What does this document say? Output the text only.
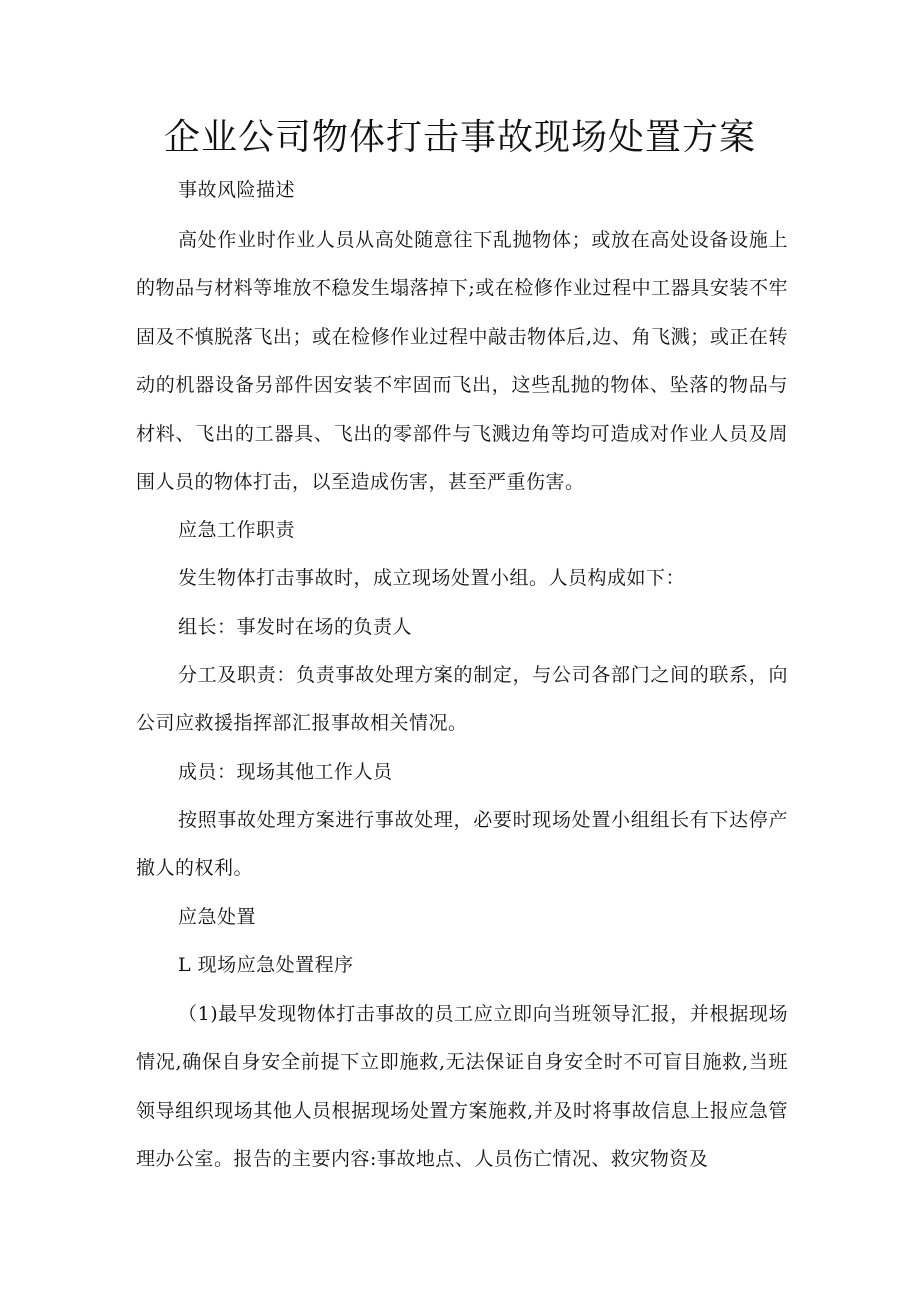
企业公司物体打击事故现场处置方案
事故风险描述

高处作业时作业人员从高处随意往下乱抛物体；或放在高处设备设施上的物品与材料等堆放不稳发生塌落掉下;或在检修作业过程中工器具安装不牢固及不慎脱落飞出；或在检修作业过程中敲击物体后,边、角飞溅；或正在转动的机器设备另部件因安装不牢固而飞出，这些乱抛的物体、坠落的物品与材料、飞出的工器具、飞出的零部件与飞溅边角等均可造成对作业人员及周围人员的物体打击，以至造成伤害，甚至严重伤害。

应急工作职责

发生物体打击事故时，成立现场处置小组。人员构成如下：

组长：事发时在场的负责人

分工及职责：负责事故处理方案的制定，与公司各部门之间的联系，向公司应救援指挥部汇报事故相关情况。

成员：现场其他工作人员

按照事故处理方案进行事故处理，必要时现场处置小组组长有下达停产撤人的权利。

应急处置
L 现场应急处置程序

（1)最早发现物体打击事故的员工应立即向当班领导汇报，并根据现场情况,确保自身安全前提下立即施救,无法保证自身安全时不可盲目施救,当班领导组织现场其他人员根据现场处置方案施救,并及时将事故信息上报应急管理办公室。报告的主要内容:事故地点、人员伤亡情况、救灾物资及
